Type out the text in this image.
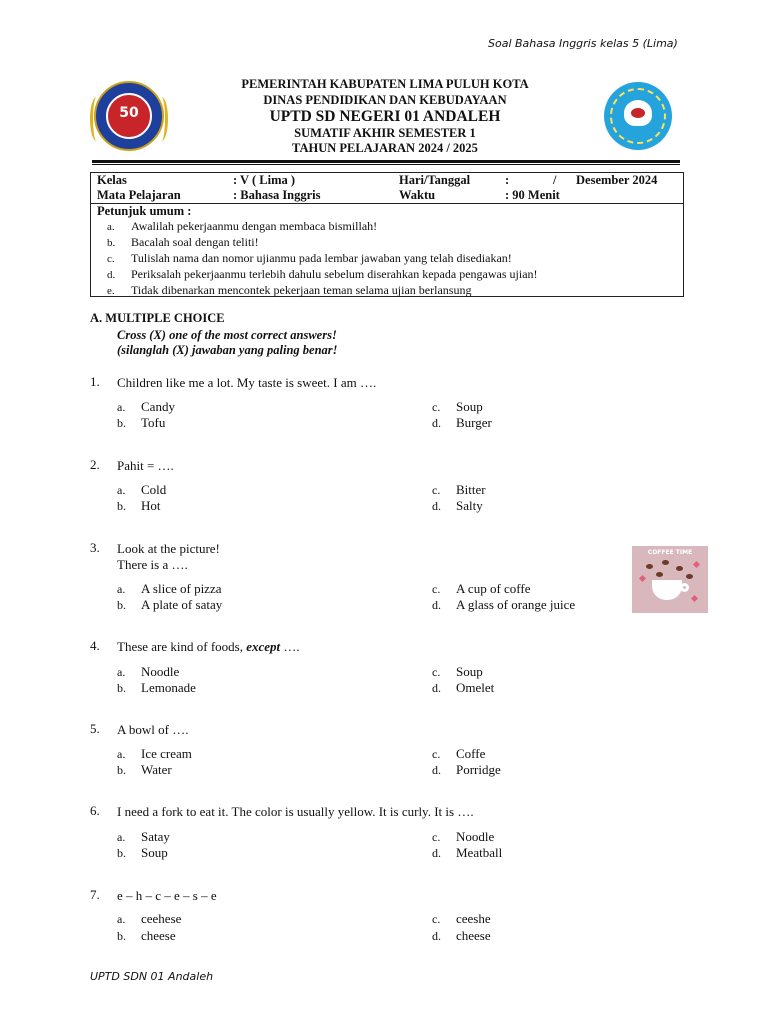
Soal Bahasa Inggris kelas 5 (Lima)
50
PEMERINTAH KABUPATEN LIMA PULUH KOTA
DINAS PENDIDIKAN DAN KEBUDAYAAN
UPTD SD NEGERI 01 ANDALEH
SUMATIF AKHIR SEMESTER 1
TAHUN PELAJARAN 2024 / 2025
Kelas	: V ( Lima )
Mata Pelajaran	: Bahasa Inggris
Hari/Tanggal	:	/ Desember 2024
Waktu	: 90 Menit
Petunjuk umum :
a. Awalilah pekerjaanmu dengan membaca bismillah!
b. Bacalah soal dengan teliti!
c. Tulislah nama dan nomor ujianmu pada lembar jawaban yang telah disediakan!
d. Periksalah pekerjaanmu terlebih dahulu sebelum diserahkan kepada pengawas ujian!
e. Tidak dibenarkan mencontek pekerjaan teman selama ujian berlansung
A. MULTIPLE CHOICE
Cross (X) one of the most correct answers!
(silanglah (X) jawaban yang paling benar!
1. Children like me a lot. My taste is sweet. I am ….
a. Candy
b. Tofu
c. Soup
d. Burger
2. Pahit = ….
a. Cold
b. Hot
c. Bitter
d. Salty
3. Look at the picture!
There is a ….
a. A slice of pizza
b. A plate of satay
c. A cup of coffe
d. A glass of orange juice
COFFEE TIME
4. These are kind of foods, except ….
a. Noodle
b. Lemonade
c. Soup
d. Omelet
5. A bowl of ….
a. Ice cream
b. Water
c. Coffe
d. Porridge
6. I need a fork to eat it. The color is usually yellow. It is curly. It is ….
a. Satay
b. Soup
c. Noodle
d. Meatball
7. e – h – c – e – s – e
a. ceehese
b. cheese
c. ceeshe
d. cheese
UPTD SDN 01 Andaleh
